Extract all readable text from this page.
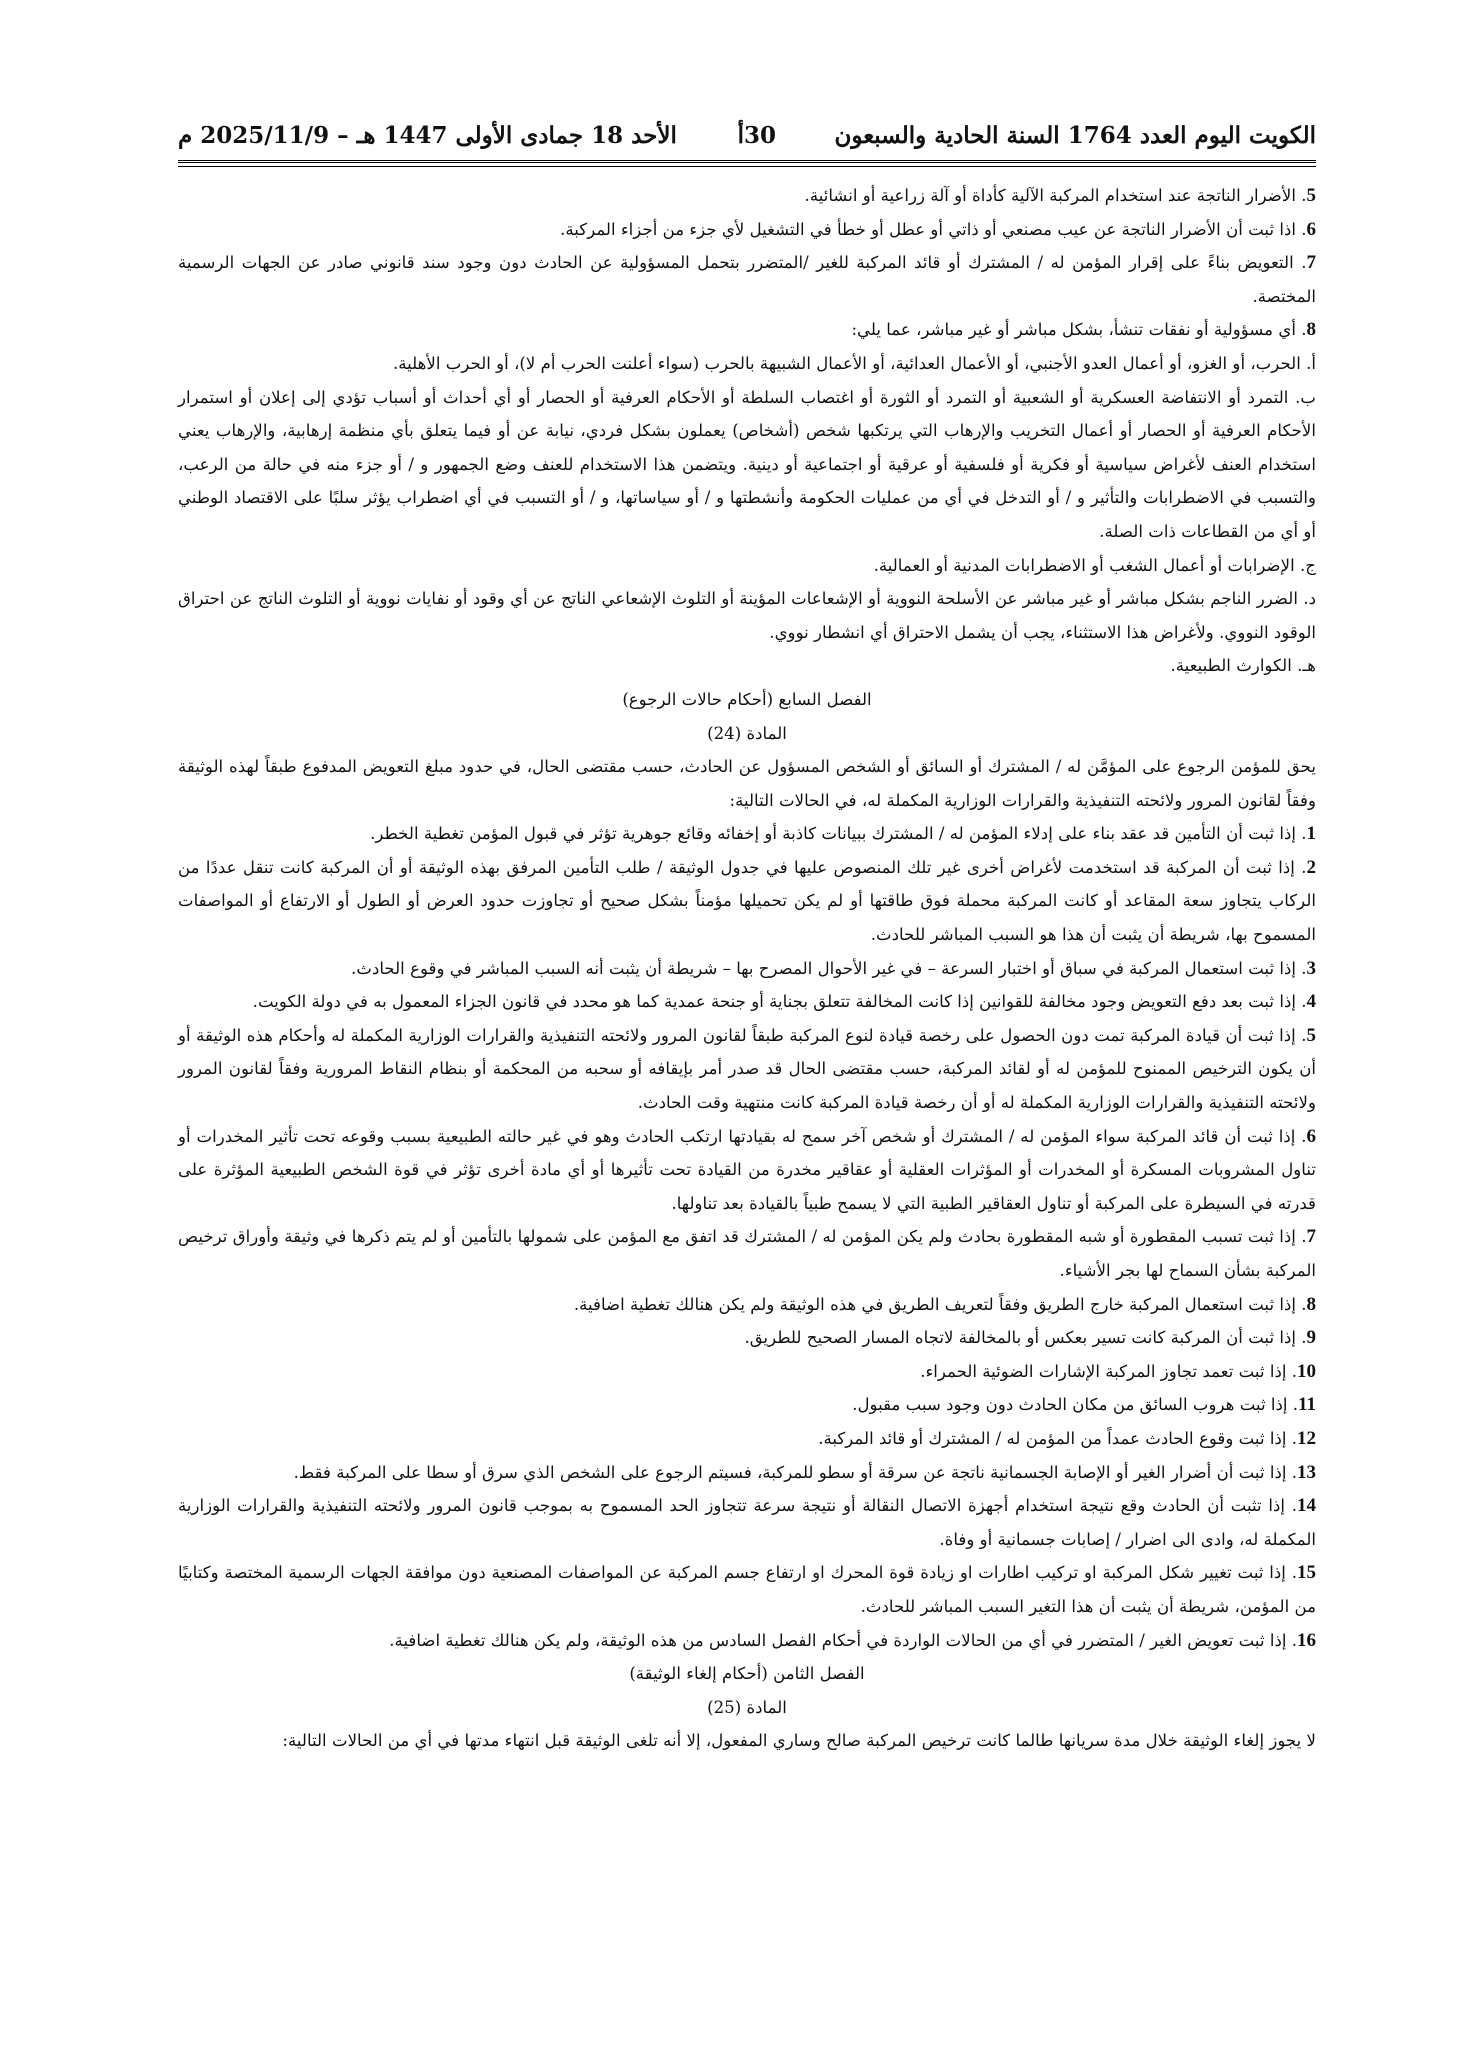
الكويت اليوم العدد 1764 السنة الحادية والسبعون
30أ
الأحد 18 جمادى الأولى 1447 هـ – 2025/11/9 م

5. الأضرار الناتجة عند استخدام المركبة الآلية كأداة أو آلة زراعية أو انشائية.

6. اذا ثبت أن الأضرار الناتجة عن عيب مصنعي أو ذاتي أو عطل أو خطأ في التشغيل لأي جزء من أجزاء المركبة.

7. التعويض بناءً على إقرار المؤمن له / المشترك أو قائد المركبة للغير /المتضرر بتحمل المسؤولية عن الحادث دون وجود سند قانوني صادر عن الجهات الرسمية المختصة.

8. أي مسؤولية أو نفقات تنشأ، بشكل مباشر أو غير مباشر، عما يلي:

أ. الحرب، أو الغزو، أو أعمال العدو الأجنبي، أو الأعمال العدائية، أو الأعمال الشبيهة بالحرب (سواء أعلنت الحرب أم لا)، أو الحرب الأهلية.

ب. التمرد أو الانتفاضة العسكرية أو الشعبية أو التمرد أو الثورة أو اغتصاب السلطة أو الأحكام العرفية أو الحصار أو أي أحداث أو أسباب تؤدي إلى إعلان أو استمرار الأحكام العرفية أو الحصار أو أعمال التخريب والإرهاب التي يرتكبها شخص (أشخاص) يعملون بشكل فردي، نيابة عن أو فيما يتعلق بأي منظمة إرهابية، والإرهاب يعني استخدام العنف لأغراض سياسية أو فكرية أو فلسفية أو عرقية أو اجتماعية أو دينية. ويتضمن هذا الاستخدام للعنف وضع الجمهور و / أو جزء منه في حالة من الرعب، والتسبب في الاضطرابات والتأثير و / أو التدخل في أي من عمليات الحكومة وأنشطتها و / أو سياساتها، و / أو التسبب في أي اضطراب يؤثر سلبًا على الاقتصاد الوطني أو أي من القطاعات ذات الصلة.

ج. الإضرابات أو أعمال الشغب أو الاضطرابات المدنية أو العمالية.

د. الضرر الناجم بشكل مباشر أو غير مباشر عن الأسلحة النووية أو الإشعاعات المؤينة أو التلوث الإشعاعي الناتج عن أي وقود أو نفايات نووية أو التلوث الناتج عن احتراق الوقود النووي. ولأغراض هذا الاستثناء، يجب أن يشمل الاحتراق أي انشطار نووي.

هـ. الكوارث الطبيعية.

الفصل السابع (أحكام حالات الرجوع)

المادة (24)

يحق للمؤمن الرجوع على المؤمَّن له / المشترك أو السائق أو الشخص المسؤول عن الحادث، حسب مقتضى الحال، في حدود مبلغ التعويض المدفوع طبقاً لهذه الوثيقة وفقاً لقانون المرور ولائحته التنفيذية والقرارات الوزارية المكملة له، في الحالات التالية:

1. إذا ثبت أن التأمين قد عقد بناء على إدلاء المؤمن له / المشترك ببيانات كاذبة أو إخفائه وقائع جوهرية تؤثر في قبول المؤمن تغطية الخطر.

2. إذا ثبت أن المركبة قد استخدمت لأغراض أخرى غير تلك المنصوص عليها في جدول الوثيقة / طلب التأمين المرفق بهذه الوثيقة أو أن المركبة كانت تنقل عددًا من الركاب يتجاوز سعة المقاعد أو كانت المركبة محملة فوق طاقتها أو لم يكن تحميلها مؤمناً بشكل صحيح أو تجاوزت حدود العرض أو الطول أو الارتفاع أو المواصفات المسموح بها، شريطة أن يثبت أن هذا هو السبب المباشر للحادث.

3. إذا ثبت استعمال المركبة في سباق أو اختبار السرعة – في غير الأحوال المصرح بها – شريطة أن يثبت أنه السبب المباشر في وقوع الحادث.

4. إذا ثبت بعد دفع التعويض وجود مخالفة للقوانين إذا كانت المخالفة تتعلق بجناية أو جنحة عمدية كما هو محدد في قانون الجزاء المعمول به في دولة الكويت.

5. إذا ثبت أن قيادة المركبة تمت دون الحصول على رخصة قيادة لنوع المركبة طبقاً لقانون المرور ولائحته التنفيذية والقرارات الوزارية المكملة له وأحكام هذه الوثيقة أو أن يكون الترخيص الممنوح للمؤمن له أو لقائد المركبة، حسب مقتضى الحال قد صدر أمر بإيقافه أو سحبه من المحكمة أو بنظام النقاط المرورية وفقاً لقانون المرور ولائحته التنفيذية والقرارات الوزارية المكملة له أو أن رخصة قيادة المركبة كانت منتهية وقت الحادث.

6. إذا ثبت أن قائد المركبة سواء المؤمن له / المشترك أو شخص آخر سمح له بقيادتها ارتكب الحادث وهو في غير حالته الطبيعية بسبب وقوعه تحت تأثير المخدرات أو تناول المشروبات المسكرة أو المخدرات أو المؤثرات العقلية أو عقاقير مخدرة من القيادة تحت تأثيرها أو أي مادة أخرى تؤثر في قوة الشخص الطبيعية المؤثرة على قدرته في السيطرة على المركبة أو تناول العقاقير الطبية التي لا يسمح طبياً بالقيادة بعد تناولها.

7. إذا ثبت تسبب المقطورة أو شبه المقطورة بحادث ولم يكن المؤمن له / المشترك قد اتفق مع المؤمن على شمولها بالتأمين أو لم يتم ذكرها في وثيقة وأوراق ترخيص المركبة بشأن السماح لها بجر الأشياء.

8. إذا ثبت استعمال المركبة خارج الطريق وفقاً لتعريف الطريق في هذه الوثيقة ولم يكن هنالك تغطية اضافية.

9. إذا ثبت أن المركبة كانت تسير بعكس أو بالمخالفة لاتجاه المسار الصحيح للطريق.

10. إذا ثبت تعمد تجاوز المركبة الإشارات الضوئية الحمراء.

11. إذا ثبت هروب السائق من مكان الحادث دون وجود سبب مقبول.

12. إذا ثبت وقوع الحادث عمداً من المؤمن له / المشترك أو قائد المركبة.

13. إذا ثبت أن أضرار الغير أو الإصابة الجسمانية ناتجة عن سرقة أو سطو للمركبة، فسيتم الرجوع على الشخص الذي سرق أو سطا على المركبة فقط.

14. إذا تثبت أن الحادث وقع نتيجة استخدام أجهزة الاتصال النقالة أو نتيجة سرعة تتجاوز الحد المسموح به بموجب قانون المرور ولائحته التنفيذية والقرارات الوزارية المكملة له، وادى الى اضرار / إصابات جسمانية أو وفاة.

15. إذا ثبت تغيير شكل المركبة او تركيب اطارات او زيادة قوة المحرك او ارتفاع جسم المركبة عن المواصفات المصنعية دون موافقة الجهات الرسمية المختصة وكتابيًا من المؤمن، شريطة أن يثبت أن هذا التغير السبب المباشر للحادث.

16. إذا ثبت تعويض الغير / المتضرر في أي من الحالات الواردة في أحكام الفصل السادس من هذه الوثيقة، ولم يكن هنالك تغطية اضافية.

الفصل الثامن (أحكام إلغاء الوثيقة)

المادة (25)

لا يجوز إلغاء الوثيقة خلال مدة سريانها طالما كانت ترخيص المركبة صالح وساري المفعول، إلا أنه تلغى الوثيقة قبل انتهاء مدتها في أي من الحالات التالية:
